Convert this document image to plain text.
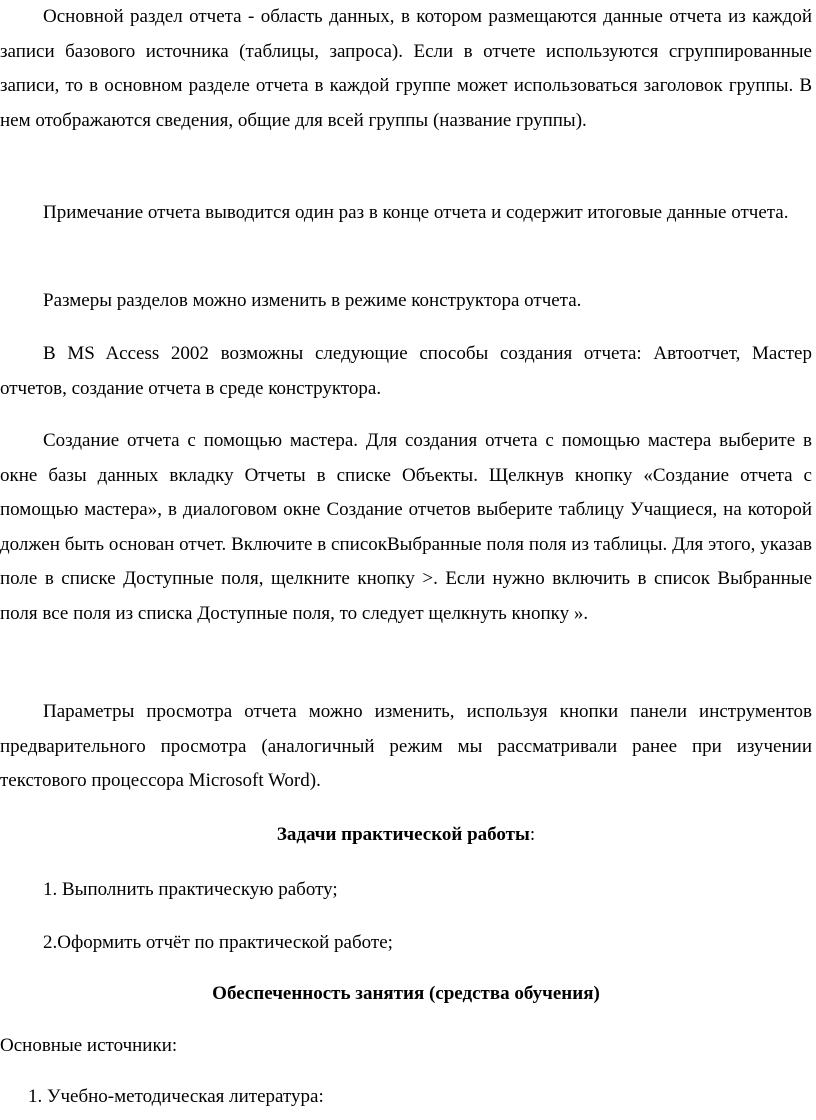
Основной раздел отчета - область данных, в котором размещаются данные отчета из каждой записи базового источника (таблицы, запроса). Если в отчете используются сгруппированные записи, то в основном разделе отчета в каждой группе может использоваться заголовок группы. В нем отображаются сведения, общие для всей группы (название группы).

Примечание отчета выводится один раз в конце отчета и содержит итоговые данные отчета.

Размеры разделов можно изменить в режиме конструктора отчета.

В MS Access 2002 возможны следующие способы создания отчета: Автоотчет, Мастер отчетов, создание отчета в среде конструктора.

Создание отчета с помощью мастера. Для создания отчета с помощью мастера выберите в окне базы данных вкладку Отчеты в списке Объекты. Щелкнув кнопку «Создание отчета с помощью мастера», в диалоговом окне Создание отчетов выберите таблицу Учащиеся, на которой должен быть основан отчет. Включите в списокВыбранные поля поля из таблицы. Для этого, указав поле в списке Доступные поля, щелкните кнопку >. Если нужно включить в список Выбранные поля все поля из списка Доступные поля, то следует щелкнуть кнопку ».

Параметры просмотра отчета можно изменить, используя кнопки панели инструментов предварительного просмотра (аналогичный режим мы рассматривали ранее при изучении текстового процессора Microsoft Word).

Задачи практической работы:

1. Выполнить практическую работу;

2.Оформить отчёт по практической работе;

Обеспеченность занятия (средства обучения)

Основные источники:

1. Учебно-методическая литература:
